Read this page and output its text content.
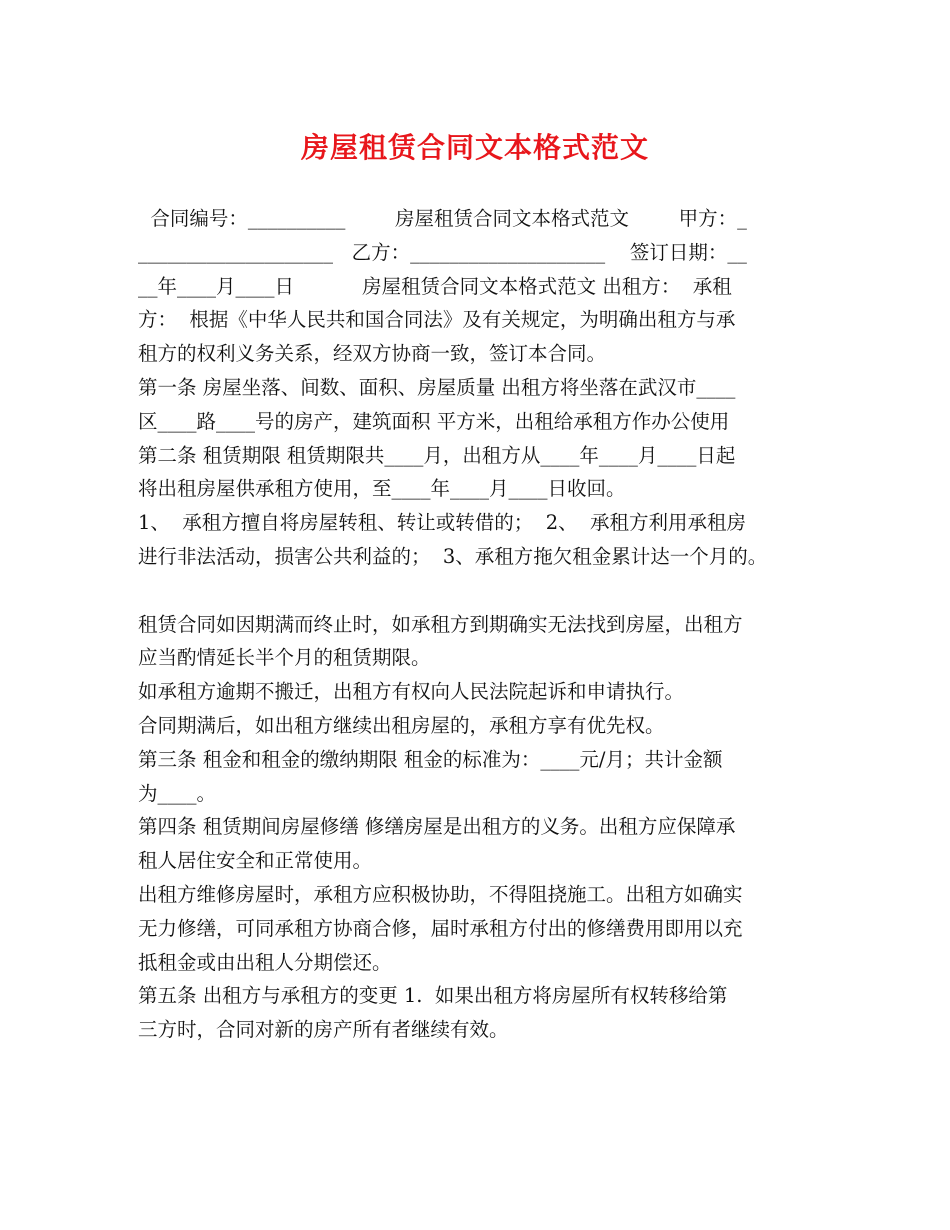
房屋租赁合同文本格式范文
合同编号：__________        房屋租赁合同文本格式范文        甲方：_
____________________   乙方：____________________    签订日期：__
__年____月____日           房屋租赁合同文本格式范文 出租方：  承租
方：  根据《中华人民共和国合同法》及有关规定，为明确出租方与承
租方的权利义务关系，经双方协商一致，签订本合同。
第一条 房屋坐落、间数、面积、房屋质量 出租方将坐落在武汉市____
区____路____号的房产，建筑面积 平方米，出租给承租方作办公使用
第二条 租赁期限 租赁期限共____月，出租方从____年____月____日起
将出租房屋供承租方使用，至____年____月____日收回。
1、  承租方擅自将房屋转租、转让或转借的；  2、  承租方利用承租房
进行非法活动，损害公共利益的；  3、承租方拖欠租金累计达一个月的。
租赁合同如因期满而终止时，如承租方到期确实无法找到房屋，出租方
应当酌情延长半个月的租赁期限。
如承租方逾期不搬迁，出租方有权向人民法院起诉和申请执行。
合同期满后，如出租方继续出租房屋的，承租方享有优先权。
第三条 租金和租金的缴纳期限 租金的标准为：____元/月；共计金额
为____。
第四条 租赁期间房屋修缮 修缮房屋是出租方的义务。出租方应保障承
租人居住安全和正常使用。
出租方维修房屋时，承租方应积极协助，不得阻挠施工。出租方如确实
无力修缮，可同承租方协商合修，届时承租方付出的修缮费用即用以充
抵租金或由出租人分期偿还。
第五条 出租方与承租方的变更 1.  如果出租方将房屋所有权转移给第
三方时，合同对新的房产所有者继续有效。
